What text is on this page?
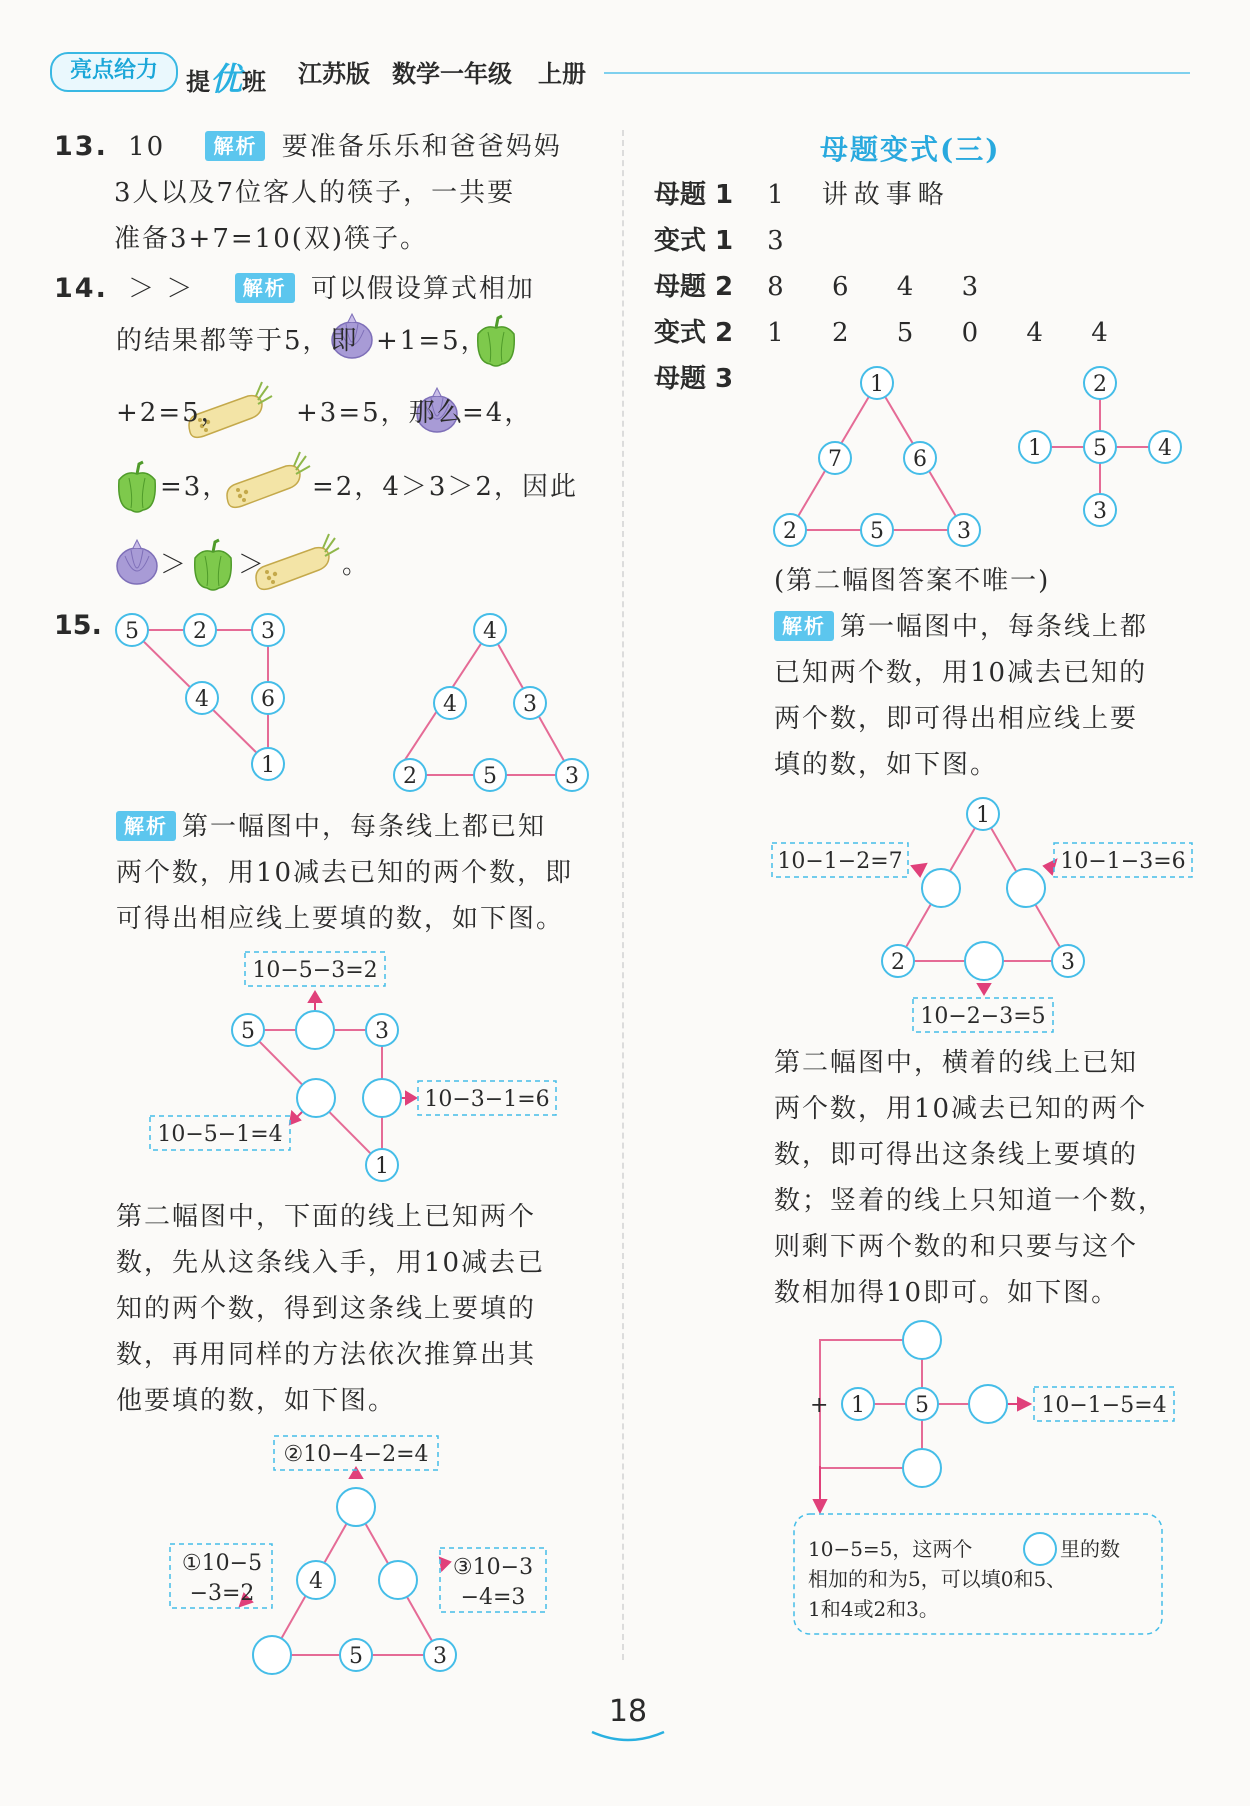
亮点给力	提优班 江苏版 数学一年级 上册
13. 10 解析 要准备乐乐和爸爸妈妈
3人以及7位客人的筷子，一共要
准备3+7=10(双)筷子。
14. ＞ ＞ 解析 可以假设算式相加
的结果都等于5，即 +1=5，
+2=5，	+3=5，那么
=4，
=3，	=2，4＞3＞2，因此
＞ ＞	。
15. 5 2 3
4 6
1
4
4	3
2	5	3
解析 第一幅图中，每条线上都已知
两个数，用10减去已知的两个数，即
可得出相应线上要填的数，如下图。
10−5−3=2
10−3−1=6
10−5−1=4
5	3
1
第二幅图中，下面的线上已知两个
数，先从这条线入手，用10减去已
知的两个数，得到这条线上要填的
数，再用同样的方法依次推算出其
他要填的数，如下图。
②10−4−2=4
①10−5
−3=2
③10−3
−4=3
4
5	3
母题变式(三)
母题 1 1　讲故事略
变式 1 3
母题 2 8 6 4 3
变式 2 1 2 5 0 4 4
母题 3	1
7	6
2	5	3
2
1 5 4
3
(第二幅图答案不唯一)
解析 第一幅图中，每条线上都
已知两个数，用10减去已知的
两个数，即可得出相应线上要
填的数，如下图。
10−1−2=7	10−1−3=6
10−2−3=5
1
2	3
第二幅图中，横着的线上已知
两个数，用10减去已知的两个
数，即可得出这条线上要填的
数；竖着的线上只知道一个数，
则剩下两个数的和只要与这个
数相加得10即可。如下图。
+ 1 5	10−1−5=4
10−5=5，这两个	里的数
相加的和为5，可以填0和5、
1和4或2和3。
18
